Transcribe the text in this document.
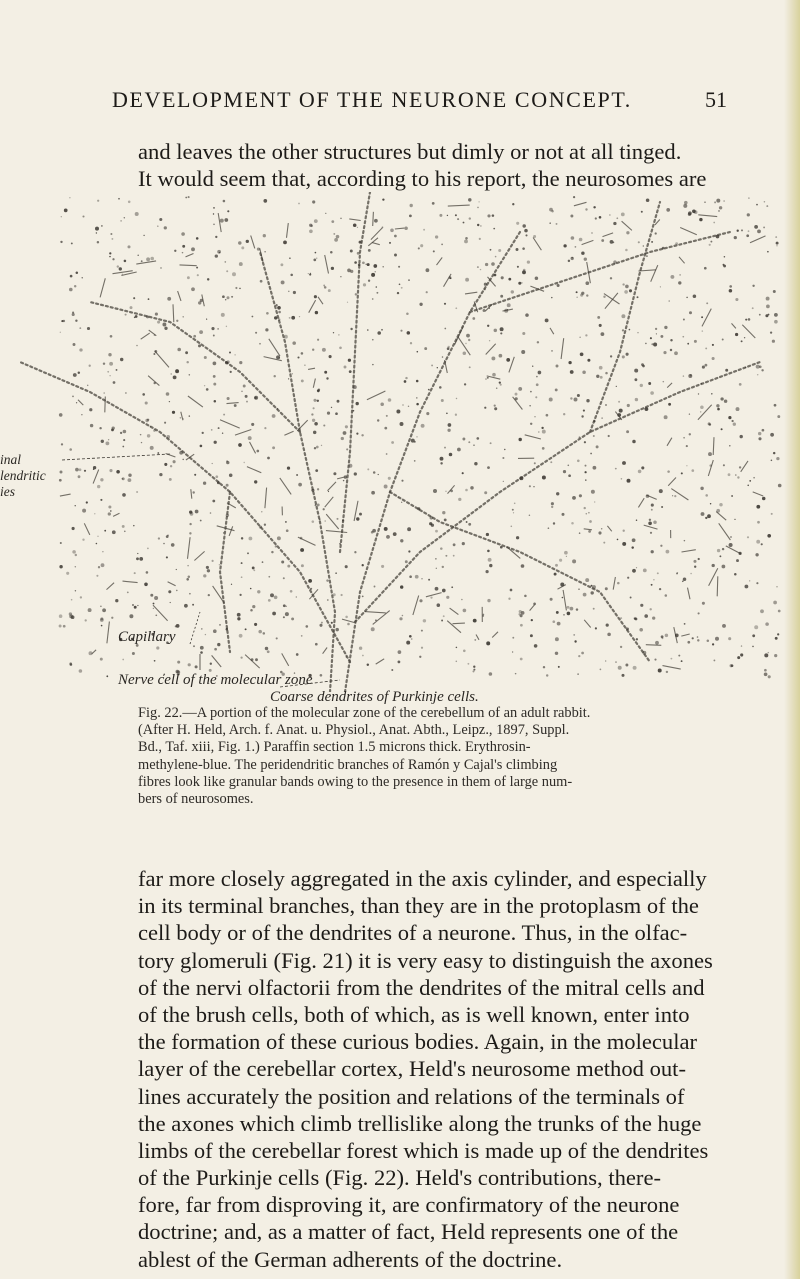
DEVELOPMENT OF THE NEURONE CONCEPT.	51
and leaves the other structures but dimly or not at all tinged.
It would seem that, according to his report, the neurosomes are
inal
lendritic
ies
Capillary
Nerve cell of the molecular zone
Coarse dendrites of Purkinje cells.
Fig. 22.—A portion of the molecular zone of the cerebellum of an adult rabbit.
(After H. Held, Arch. f. Anat. u. Physiol., Anat. Abth., Leipz., 1897, Suppl.
Bd., Taf. xiii, Fig. 1.) Paraffin section 1.5 microns thick. Erythrosin-
methylene-blue. The peridendritic branches of Ramón y Cajal's climbing
fibres look like granular bands owing to the presence in them of large num-
bers of neurosomes.
far more closely aggregated in the axis cylinder, and especially
in its terminal branches, than they are in the protoplasm of the
cell body or of the dendrites of a neurone. Thus, in the olfac-
tory glomeruli (Fig. 21) it is very easy to distinguish the axones
of the nervi olfactorii from the dendrites of the mitral cells and
of the brush cells, both of which, as is well known, enter into
the formation of these curious bodies. Again, in the molecular
layer of the cerebellar cortex, Held's neurosome method out-
lines accurately the position and relations of the terminals of
the axones which climb trellislike along the trunks of the huge
limbs of the cerebellar forest which is made up of the dendrites
of the Purkinje cells (Fig. 22). Held's contributions, there-
fore, far from disproving it, are confirmatory of the neurone
doctrine; and, as a matter of fact, Held represents one of the
ablest of the German adherents of the doctrine.
